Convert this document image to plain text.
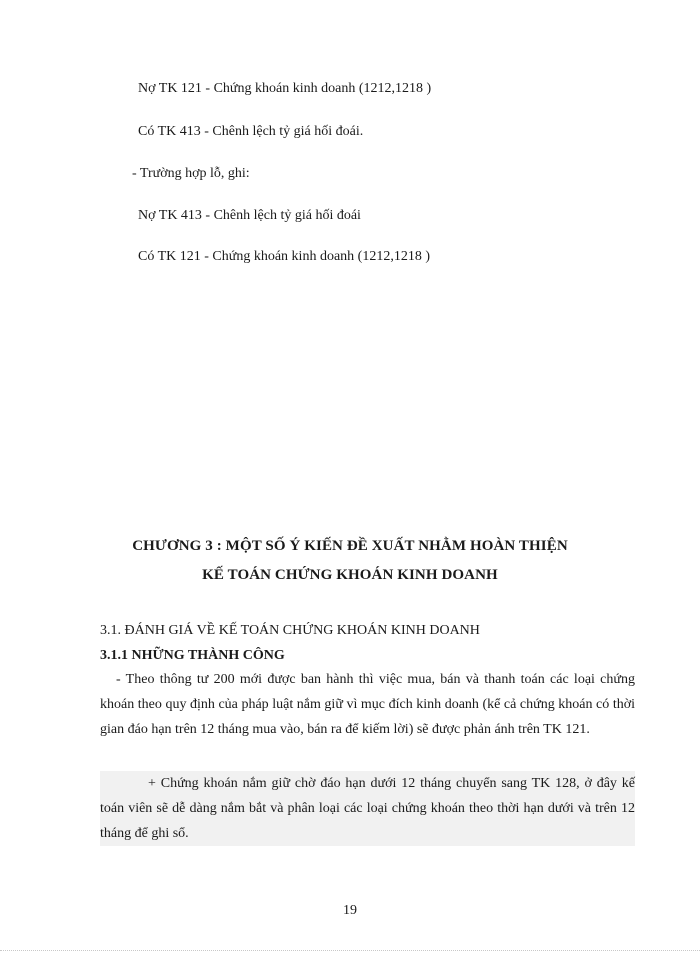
Nợ TK 121 - Chứng khoán kinh doanh (1212,1218 )
Có TK 413 - Chênh lệch tỷ giá hối đoái.
- Trường hợp lỗ, ghi:
Nợ TK 413 - Chênh lệch tỷ giá hối đoái
Có TK 121 - Chứng khoán kinh doanh (1212,1218 )
CHƯƠNG 3 : MỘT SỐ Ý KIẾN ĐỀ XUẤT NHẰM HOÀN THIỆN
KẾ TOÁN CHỨNG KHOÁN KINH DOANH
3.1. ĐÁNH GIÁ VỀ KẾ TOÁN CHỨNG KHOÁN KINH DOANH
3.1.1 NHỮNG THÀNH CÔNG
- Theo thông tư 200 mới được ban hành thì việc mua, bán và thanh toán các loại chứng khoán theo quy định của pháp luật nắm giữ vì mục đích kinh doanh (kể cả chứng khoán có thời gian đáo hạn trên 12 tháng mua vào, bán ra để kiếm lời) sẽ được phản ánh trên TK 121.
+ Chứng khoán nắm giữ chờ đáo hạn dưới 12 tháng chuyển sang TK 128, ở đây kế toán viên sẽ dễ dàng nắm bắt và phân loại các loại chứng khoán theo thời hạn dưới và trên 12 tháng để ghi sổ.
19
